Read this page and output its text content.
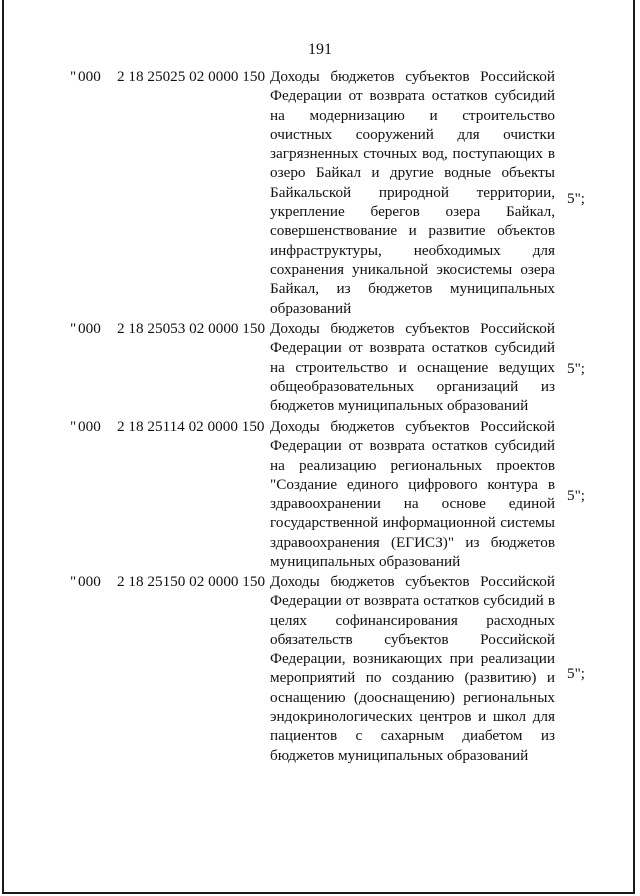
191
" 000 2 18 25025 02 0000 150 Доходы бюджетов субъектов Российской
Федерации от возврата остатков субсидий
на модернизацию и строительство
очистных сооружений для очистки
загрязненных сточных вод, поступающих в
озеро Байкал и другие водные объекты
Байкальской природной территории,
укрепление берегов озера Байкал,
совершенствование и развитие объектов
инфраструктуры, необходимых для
сохранения уникальной экосистемы озера
Байкал, из бюджетов муниципальных
образований
5";
" 000 2 18 25053 02 0000 150 Доходы бюджетов субъектов Российской
Федерации от возврата остатков субсидий
на строительство и оснащение ведущих
общеобразовательных организаций из
бюджетов муниципальных образований
5";
" 000 2 18 25114 02 0000 150 Доходы бюджетов субъектов Российской
Федерации от возврата остатков субсидий
на реализацию региональных проектов
"Создание единого цифрового контура в
здравоохранении на основе единой
государственной информационной системы
здравоохранения (ЕГИСЗ)" из бюджетов
муниципальных образований
5";
" 000 2 18 25150 02 0000 150 Доходы бюджетов субъектов Российской
Федерации от возврата остатков субсидий в
целях софинансирования расходных
обязательств субъектов Российской
Федерации, возникающих при реализации
мероприятий по созданию (развитию) и
оснащению (дооснащению) региональных
эндокринологических центров и школ для
пациентов с сахарным диабетом из
бюджетов муниципальных образований
5";
